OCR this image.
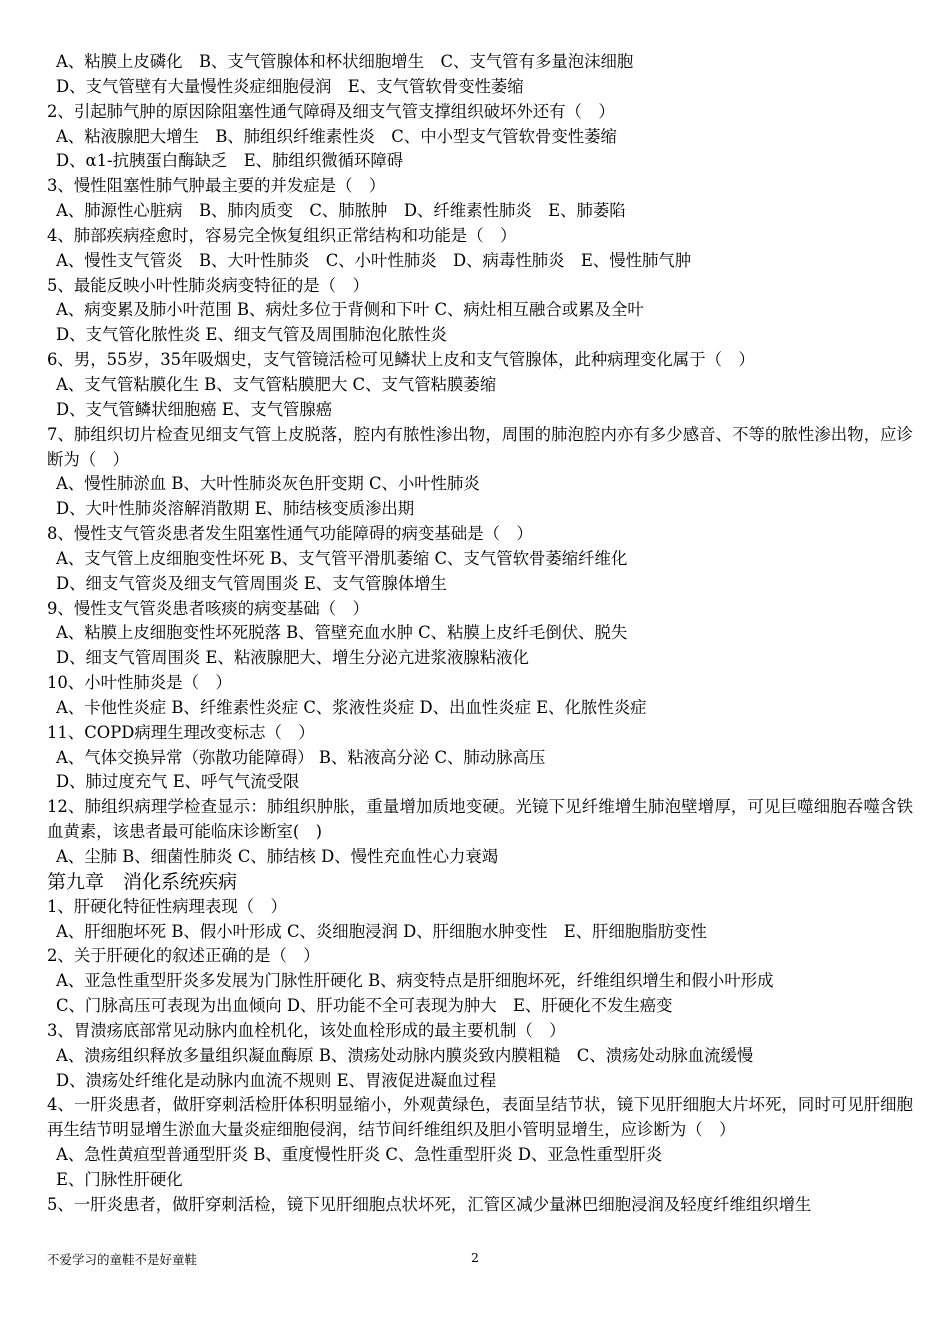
A、粘膜上皮磷化　B、支气管腺体和杯状细胞增生　C、支气管有多量泡沫细胞
D、支气管壁有大量慢性炎症细胞侵润　E、支气管软骨变性萎缩
2、引起肺气肿的原因除阻塞性通气障碍及细支气管支撑组织破坏外还有（　）
A、粘液腺肥大增生　B、肺组织纤维素性炎　C、中小型支气管软骨变性萎缩
D、α1-抗胰蛋白酶缺乏　E、肺组织微循环障碍
3、慢性阻塞性肺气肿最主要的并发症是（　）
A、肺源性心脏病　B、肺肉质变　C、肺脓肿　D、纤维素性肺炎　E、肺萎陷
4、肺部疾病痊愈时，容易完全恢复组织正常结构和功能是（　）
A、慢性支气管炎　B、大叶性肺炎　C、小叶性肺炎　D、病毒性肺炎　E、慢性肺气肿
5、最能反映小叶性肺炎病变特征的是（　）
A、病变累及肺小叶范围 B、病灶多位于背侧和下叶 C、病灶相互融合或累及全叶
D、支气管化脓性炎 E、细支气管及周围肺泡化脓性炎
6、男，55岁，35年吸烟史，支气管镜活检可见鳞状上皮和支气管腺体，此种病理变化属于（　）
A、支气管粘膜化生 B、支气管粘膜肥大 C、支气管粘膜萎缩
D、支气管鳞状细胞癌 E、支气管腺癌
7、肺组织切片检查见细支气管上皮脱落，腔内有脓性渗出物，周围的肺泡腔内亦有多少感音、不等的脓性渗出物，应诊断为（　）
A、慢性肺淤血 B、大叶性肺炎灰色肝变期 C、小叶性肺炎
D、大叶性肺炎溶解消散期 E、肺结核变质渗出期
8、慢性支气管炎患者发生阻塞性通气功能障碍的病变基础是（　）
A、支气管上皮细胞变性坏死 B、支气管平滑肌萎缩 C、支气管软骨萎缩纤维化
D、细支气管炎及细支气管周围炎 E、支气管腺体增生
9、慢性支气管炎患者咳痰的病变基础（　）
A、粘膜上皮细胞变性坏死脱落 B、管壁充血水肿 C、粘膜上皮纤毛倒伏、脱失
D、细支气管周围炎 E、粘液腺肥大、增生分泌亢进浆液腺粘液化
10、小叶性肺炎是（　）
A、卡他性炎症 B、纤维素性炎症 C、浆液性炎症 D、出血性炎症 E、化脓性炎症
11、COPD病理生理改变标志（　）
A、气体交换异常（弥散功能障碍） B、粘液高分泌 C、肺动脉高压
D、肺过度充气 E、呼气气流受限
12、肺组织病理学检查显示：肺组织肿胀，重量增加质地变硬。光镜下见纤维增生肺泡壁增厚，可见巨噬细胞吞噬含铁血黄素，该患者最可能临床诊断室(　)
A、尘肺 B、细菌性肺炎 C、肺结核 D、慢性充血性心力衰竭
第九章　消化系统疾病
1、肝硬化特征性病理表现（　）
A、肝细胞坏死 B、假小叶形成 C、炎细胞浸润 D、肝细胞水肿变性　E、肝细胞脂肪变性
2、关于肝硬化的叙述正确的是（　）
A、亚急性重型肝炎多发展为门脉性肝硬化 B、病变特点是肝细胞坏死，纤维组织增生和假小叶形成
C、门脉高压可表现为出血倾向 D、肝功能不全可表现为肿大　E、肝硬化不发生癌变
3、胃溃疡底部常见动脉内血栓机化，该处血栓形成的最主要机制（　）
A、溃疡组织释放多量组织凝血酶原 B、溃疡处动脉内膜炎致内膜粗糙　C、溃疡处动脉血流缓慢
D、溃疡处纤维化是动脉内血流不规则 E、胃液促进凝血过程
4、一肝炎患者，做肝穿刺活检肝体积明显缩小，外观黄绿色，表面呈结节状，镜下见肝细胞大片坏死，同时可见肝细胞再生结节明显增生淤血大量炎症细胞侵润，结节间纤维组织及胆小管明显增生，应诊断为（　）
A、急性黄疸型普通型肝炎 B、重度慢性肝炎 C、急性重型肝炎 D、亚急性重型肝炎
E、门脉性肝硬化
5、一肝炎患者，做肝穿刺活检，镜下见肝细胞点状坏死，汇管区减少量淋巴细胞浸润及轻度纤维组织增生
不爱学习的童鞋不是好童鞋	2
